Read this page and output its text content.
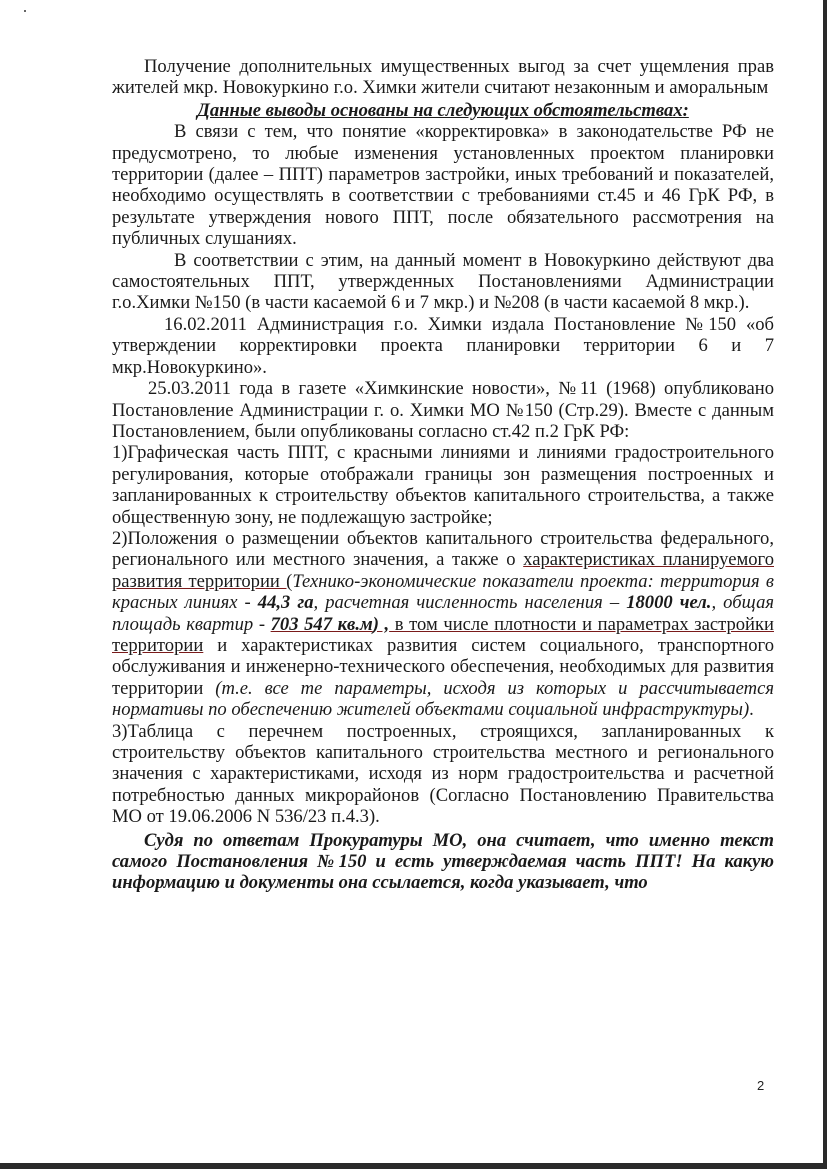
Получение дополнительных имущественных выгод за счет ущемления прав жителей мкр. Новокуркино г.о. Химки жители считают незаконным и аморальным

Данные выводы основаны на следующих обстоятельствах:

В связи с тем, что понятие «корректировка» в законодательстве РФ не предусмотрено, то любые изменения установленных проектом планировки территории (далее – ППТ) параметров застройки, иных требований и показателей, необходимо осуществлять в соответствии с требованиями ст.45 и 46 ГрК РФ, в результате утверждения нового ППТ, после обязательного рассмотрения на публичных слушаниях.

В соответствии с этим, на данный момент в Новокуркино действуют два самостоятельных ППТ, утвержденных Постановлениями Администрации г.о.Химки №150 (в части касаемой 6 и 7 мкр.) и №208 (в части касаемой 8 мкр.).

16.02.2011 Администрация г.о. Химки издала Постановление №150 «об утверждении корректировки проекта планировки территории 6 и 7 мкр.Новокуркино».

25.03.2011 года в газете «Химкинские новости», №11 (1968) опубликовано Постановление Администрации г. о. Химки МО №150 (Стр.29). Вместе с данным Постановлением, были опубликованы согласно ст.42 п.2 ГрК РФ:

1)Графическая часть ППТ, с красными линиями и линиями градостроительного регулирования, которые отображали границы зон размещения построенных и запланированных к строительству объектов капитального строительства, а также общественную зону, не подлежащую застройке;

2)Положения о размещении объектов капитального строительства федерального, регионального или местного значения, а также о характеристиках планируемого развития территории (Технико-экономические показатели проекта: территория в красных линиях - 44,3 га, расчетная численность населения – 18000 чел., общая площадь квартир - 703 547 кв.м) , в том числе плотности и параметрах застройки территории и характеристиках развития систем социального, транспортного обслуживания и инженерно-технического обеспечения, необходимых для развития территории (т.е. все те параметры, исходя из которых и рассчитывается нормативы по обеспечению жителей объектами социальной инфраструктуры).

3)Таблица с перечнем построенных, строящихся, запланированных к строительству объектов капитального строительства местного и регионального значения с характеристиками, исходя из норм градостроительства и расчетной потребностью данных микрорайонов (Согласно Постановлению Правительства МО от 19.06.2006 N 536/23 п.4.3).

Судя по ответам Прокуратуры МО, она считает, что именно текст самого Постановления №150 и есть утверждаемая часть ППТ! На какую информацию и документы она ссылается, когда указывает, что

2
